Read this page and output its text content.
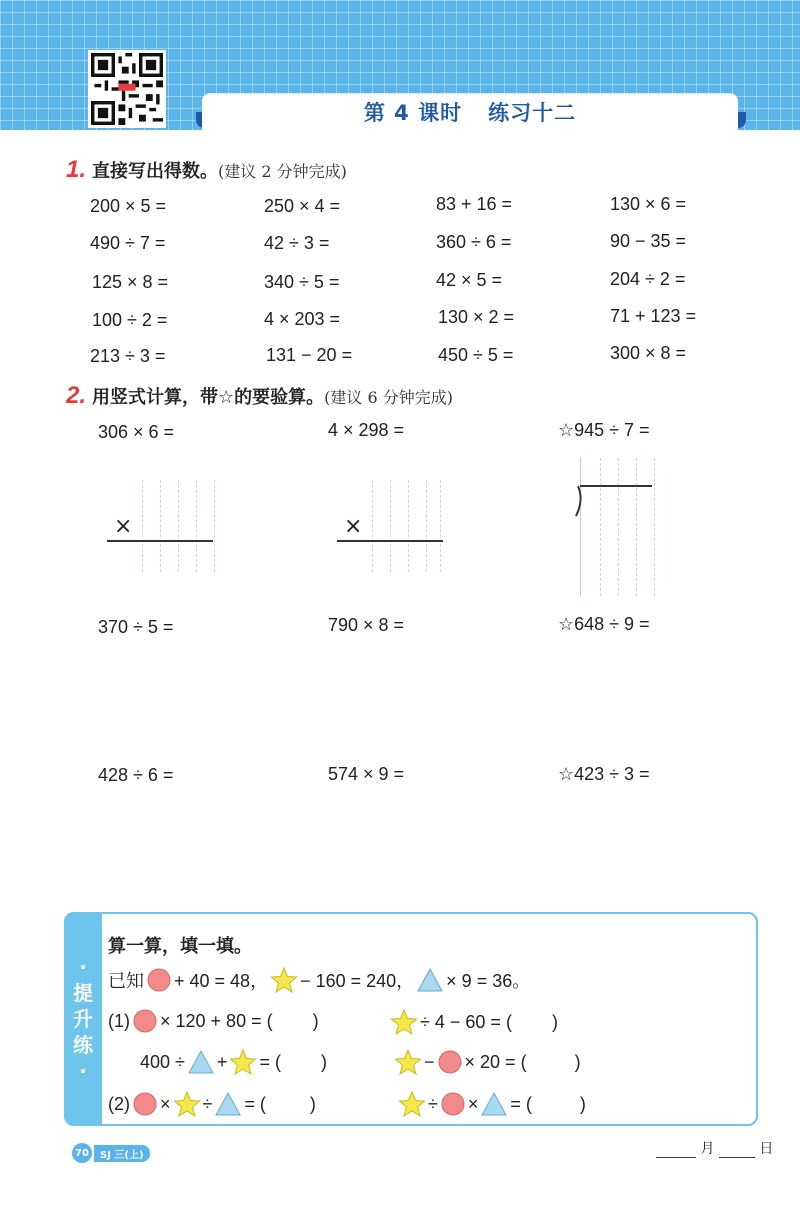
第 4 课时 练习十二
1. 直接写出得数。 (建议 2 分钟完成)
200 × 5 =	250 × 4 =	83 + 16 =	130 × 6 =
490 ÷ 7 =	42 ÷ 3 =	360 ÷ 6 =	90 − 35 =
125 × 8 =	340 ÷ 5 =	42 × 5 =	204 ÷ 2 =
100 ÷ 2 =	4 × 203 =	130 × 2 =	71 + 123 =
213 ÷ 3 =	131 − 20 =	450 ÷ 5 =	300 × 8 =
2. 用竖式计算，带☆的要验算。 (建议 6 分钟完成)
306 × 6 =	4 × 298 =	☆945 ÷ 7 =
×	×
370 ÷ 5 =	790 × 8 =	☆648 ÷ 9 =
428 ÷ 6 =	574 × 9 =	☆423 ÷ 3 =
·
提
升
练
·
算一算，填一填。
已知 + 40 = 48， − 160 = 240， × 9 = 36。
(1) × 120 + 80 = ( )	÷ 4 − 60 = ( )
400 ÷ + = ( )	− × 20 = (	)
(2) × ÷ = ( )	÷ × = (	)
70	SJ 三(上)	月	日
